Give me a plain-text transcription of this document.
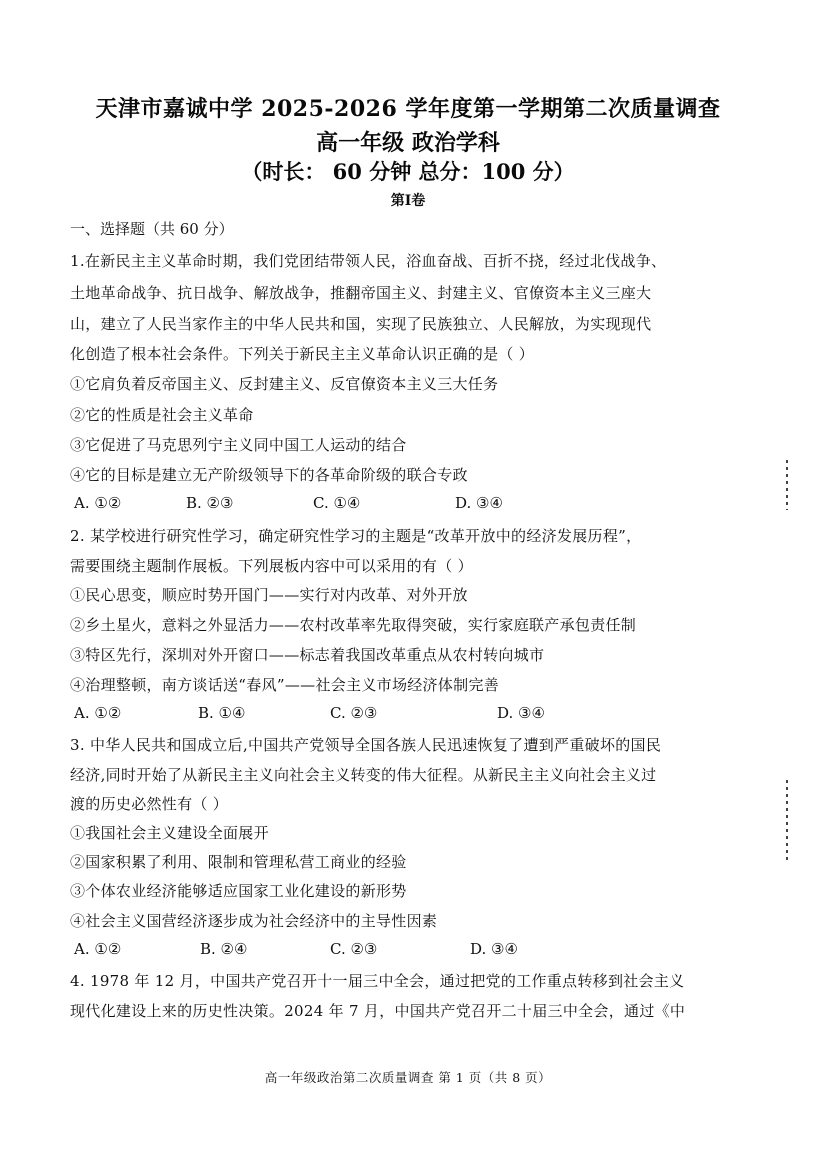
天津市嘉诚中学 2025-2026 学年度第一学期第二次质量调查
高一年级 政治学科
（时长： 60 分钟 总分：100 分）
第Ⅰ卷
一、选择题（共 60 分）
1.在新民主主义革命时期，我们党团结带领人民，浴血奋战、百折不挠，经过北伐战争、
土地革命战争、抗日战争、解放战争，推翻帝国主义、封建主义、官僚资本主义三座大
山，建立了人民当家作主的中华人民共和国，实现了民族独立、人民解放，为实现现代
化创造了根本社会条件。下列关于新民主主义革命认识正确的是（ ）
①它肩负着反帝国主义、反封建主义、反官僚资本主义三大任务
②它的性质是社会主义革命
③它促进了马克思列宁主义同中国工人运动的结合
④它的目标是建立无产阶级领导下的各革命阶级的联合专政
A. ①②	B. ②③	C. ①④	D. ③④
2. 某学校进行研究性学习，确定研究性学习的主题是“改革开放中的经济发展历程”，
需要围绕主题制作展板。下列展板内容中可以采用的有（ ）
①民心思变，顺应时势开国门——实行对内改革、对外开放
②乡土星火，意料之外显活力——农村改革率先取得突破，实行家庭联产承包责任制
③特区先行，深圳对外开窗口——标志着我国改革重点从农村转向城市
④治理整顿，南方谈话送“春风”——社会主义市场经济体制完善
A. ①②	B. ①④	C. ②③	D. ③④
3. 中华人民共和国成立后,中国共产党领导全国各族人民迅速恢复了遭到严重破坏的国民
经济,同时开始了从新民主主义向社会主义转变的伟大征程。从新民主主义向社会主义过
渡的历史必然性有（ ）
①我国社会主义建设全面展开
②国家积累了利用、限制和管理私营工商业的经验
③个体农业经济能够适应国家工业化建设的新形势
④社会主义国营经济逐步成为社会经济中的主导性因素
A. ①②	B. ②④	C. ②③	D. ③④
4. 1978 年 12 月，中国共产党召开十一届三中全会，通过把党的工作重点转移到社会主义
现代化建设上来的历史性决策。2024 年 7 月，中国共产党召开二十届三中全会，通过《中
高一年级政治第二次质量调查 第 1 页（共 8 页）
